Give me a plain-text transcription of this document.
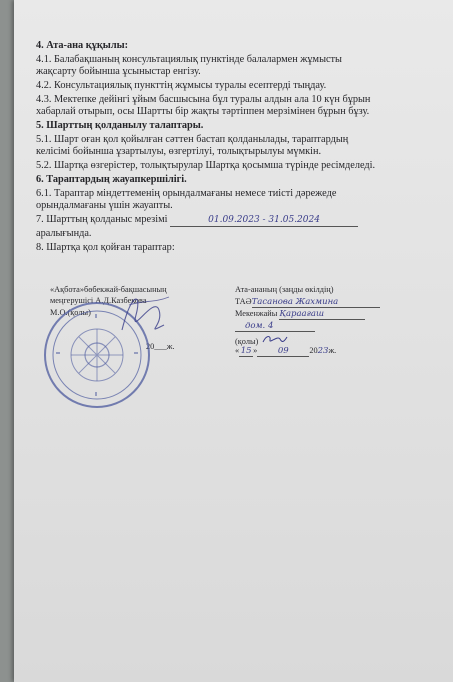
4. Ата-ана құқылы:
4.1. Балабақшаның консультациялық пунктінде балалармен жұмысты
жақсарту бойынша ұсыныстар енгізу.
4.2. Консультациялық пункттің жұмысы туралы есептерді тыңдау.
4.3. Мектепке дейінгі ұйым басшысына бұл туралы алдын ала 10 күн бұрын
хабарлай отырып, осы Шартты бір жақты тәртіппен мерзімінен бұрын бұзу.
5. Шарттың қолданылу талаптары.
5.1. Шарт оған қол қойылған сәттен бастап қолданылады, тараптардың
келісімі бойынша ұзартылуы, өзгертілуі, толықтырылуы мүмкін.
5.2. Шартқа өзгерістер, толықтырулар Шартқа қосымша түрінде ресімделеді.
6. Тараптардың жауапкершілігі.
6.1. Тараптар міндеттеменің орындалмағаны немесе тиісті дәрежеде
орындалмағаны үшін жауапты.
7. Шарттың қолданыс мрезімі	01.09.2023 - 31.05.2024
аралығында.
8. Шартқа қол қойған тараптар:
«Ақбота»бөбекжай-бақшасының
меңгерушісі А.Д.Казбекова
М.О.(қолы)
20___ж.
Ата-ананың (заңды өкілдің)
ТАӘТасанова Жахмина
Мекенжайы Қараағаш
дом. 4
(қолы)
« 15 » 09 2023ж.
